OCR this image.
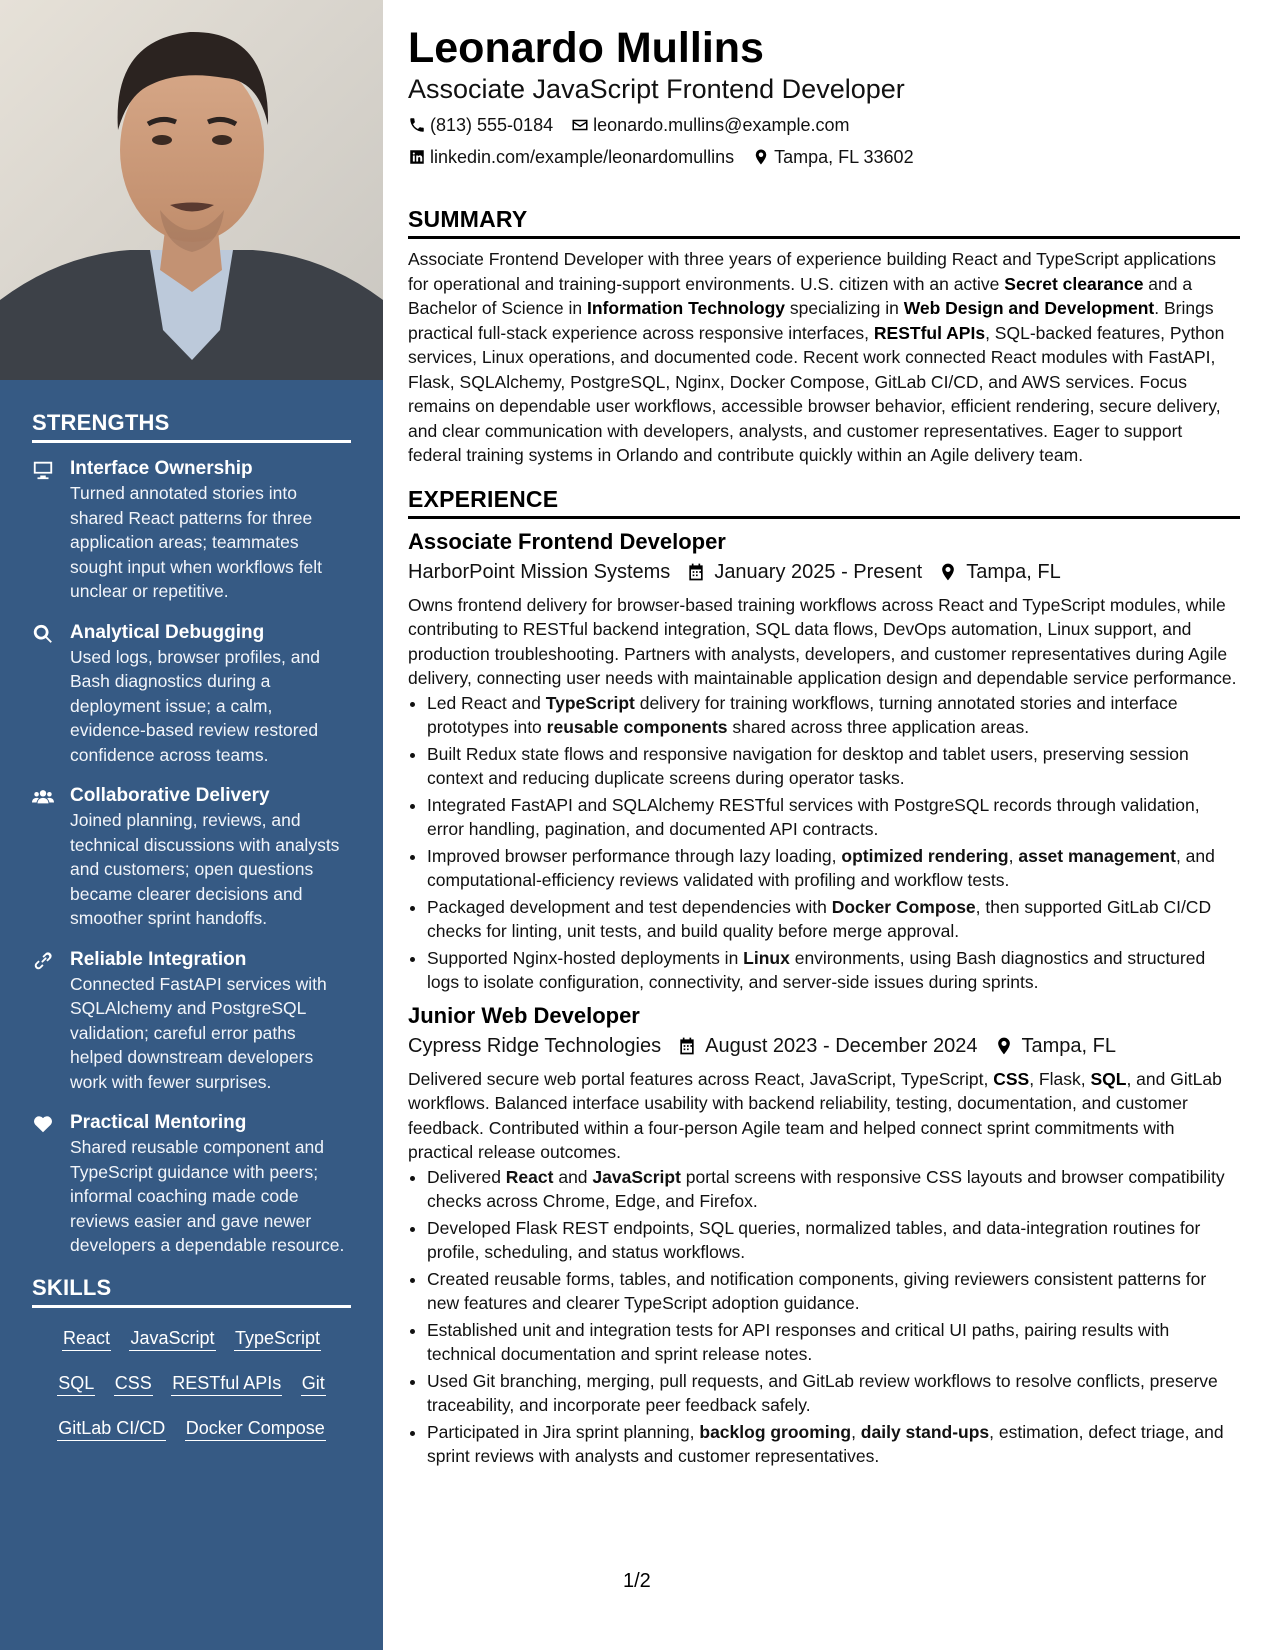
STRENGTHS
Interface Ownership
Turned annotated stories into shared React patterns for three application areas; teammates sought input when workflows felt unclear or repetitive.
Analytical Debugging
Used logs, browser profiles, and Bash diagnostics during a deployment issue; a calm, evidence-based review restored confidence across teams.
Collaborative Delivery
Joined planning, reviews, and technical discussions with analysts and customers; open questions became clearer decisions and smoother sprint handoffs.
Reliable Integration
Connected FastAPI services with SQLAlchemy and PostgreSQL validation; careful error paths helped downstream developers work with fewer surprises.
Practical Mentoring
Shared reusable component and TypeScript guidance with peers; informal coaching made code reviews easier and gave newer developers a dependable resource.
SKILLS
React JavaScript TypeScript
SQL CSS RESTful APIs Git
GitLab CI/CD Docker Compose
Leonardo Mullins
Associate JavaScript Frontend Developer
(813) 555-0184 leonardo.mullins@example.com
linkedin.com/example/leonardomullins Tampa, FL 33602
SUMMARY
Associate Frontend Developer with three years of experience building React and TypeScript applications for operational and training-support environments. U.S. citizen with an active Secret clearance and a Bachelor of Science in Information Technology specializing in Web Design and Development. Brings practical full-stack experience across responsive interfaces, RESTful APIs, SQL-backed features, Python services, Linux operations, and documented code. Recent work connected React modules with FastAPI, Flask, SQLAlchemy, PostgreSQL, Nginx, Docker Compose, GitLab CI/CD, and AWS services. Focus remains on dependable user workflows, accessible browser behavior, efficient rendering, secure delivery, and clear communication with developers, analysts, and customer representatives. Eager to support federal training systems in Orlando and contribute quickly within an Agile delivery team.
EXPERIENCE
Associate Frontend Developer
HarborPoint Mission Systems January 2025 - Present Tampa, FL
Owns frontend delivery for browser-based training workflows across React and TypeScript modules, while contributing to RESTful backend integration, SQL data flows, DevOps automation, Linux support, and production troubleshooting. Partners with analysts, developers, and customer representatives during Agile delivery, connecting user needs with maintainable application design and dependable service performance.
• Led React and TypeScript delivery for training workflows, turning annotated stories and interface prototypes into reusable components shared across three application areas.
• Built Redux state flows and responsive navigation for desktop and tablet users, preserving session context and reducing duplicate screens during operator tasks.
• Integrated FastAPI and SQLAlchemy RESTful services with PostgreSQL records through validation, error handling, pagination, and documented API contracts.
• Improved browser performance through lazy loading, optimized rendering, asset management, and computational-efficiency reviews validated with profiling and workflow tests.
• Packaged development and test dependencies with Docker Compose, then supported GitLab CI/CD checks for linting, unit tests, and build quality before merge approval.
• Supported Nginx-hosted deployments in Linux environments, using Bash diagnostics and structured logs to isolate configuration, connectivity, and server-side issues during sprints.
Junior Web Developer
Cypress Ridge Technologies August 2023 - December 2024 Tampa, FL
Delivered secure web portal features across React, JavaScript, TypeScript, CSS, Flask, SQL, and GitLab workflows. Balanced interface usability with backend reliability, testing, documentation, and customer feedback. Contributed within a four-person Agile team and helped connect sprint commitments with practical release outcomes.
• Delivered React and JavaScript portal screens with responsive CSS layouts and browser compatibility checks across Chrome, Edge, and Firefox.
• Developed Flask REST endpoints, SQL queries, normalized tables, and data-integration routines for profile, scheduling, and status workflows.
• Created reusable forms, tables, and notification components, giving reviewers consistent patterns for new features and clearer TypeScript adoption guidance.
• Established unit and integration tests for API responses and critical UI paths, pairing results with technical documentation and sprint release notes.
• Used Git branching, merging, pull requests, and GitLab review workflows to resolve conflicts, preserve traceability, and incorporate peer feedback safely.
• Participated in Jira sprint planning, backlog grooming, daily stand-ups, estimation, defect triage, and sprint reviews with analysts and customer representatives.
1/2
